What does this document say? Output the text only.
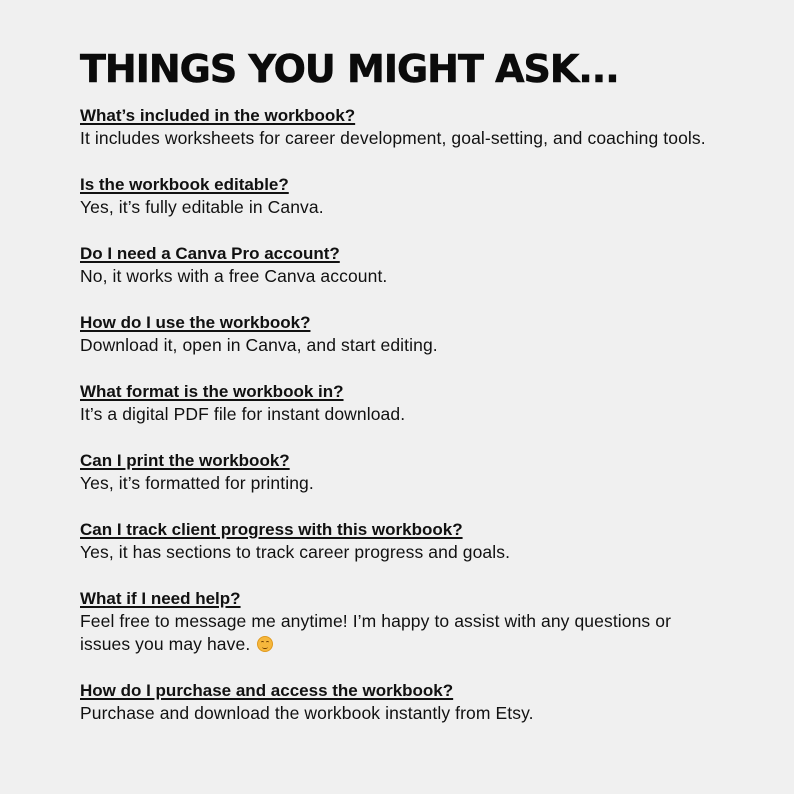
THINGS YOU MIGHT ASK...
What’s included in the workbook?
It includes worksheets for career development, goal-setting, and coaching tools.
Is the workbook editable?
Yes, it’s fully editable in Canva.
Do I need a Canva Pro account?
No, it works with a free Canva account.
How do I use the workbook?
Download it, open in Canva, and start editing.
What format is the workbook in?
It’s a digital PDF file for instant download.
Can I print the workbook?
Yes, it’s formatted for printing.
Can I track client progress with this workbook?
Yes, it has sections to track career progress and goals.
What if I need help?
Feel free to message me anytime! I’m happy to assist with any questions or issues you may have.
How do I purchase and access the workbook?
Purchase and download the workbook instantly from Etsy.
